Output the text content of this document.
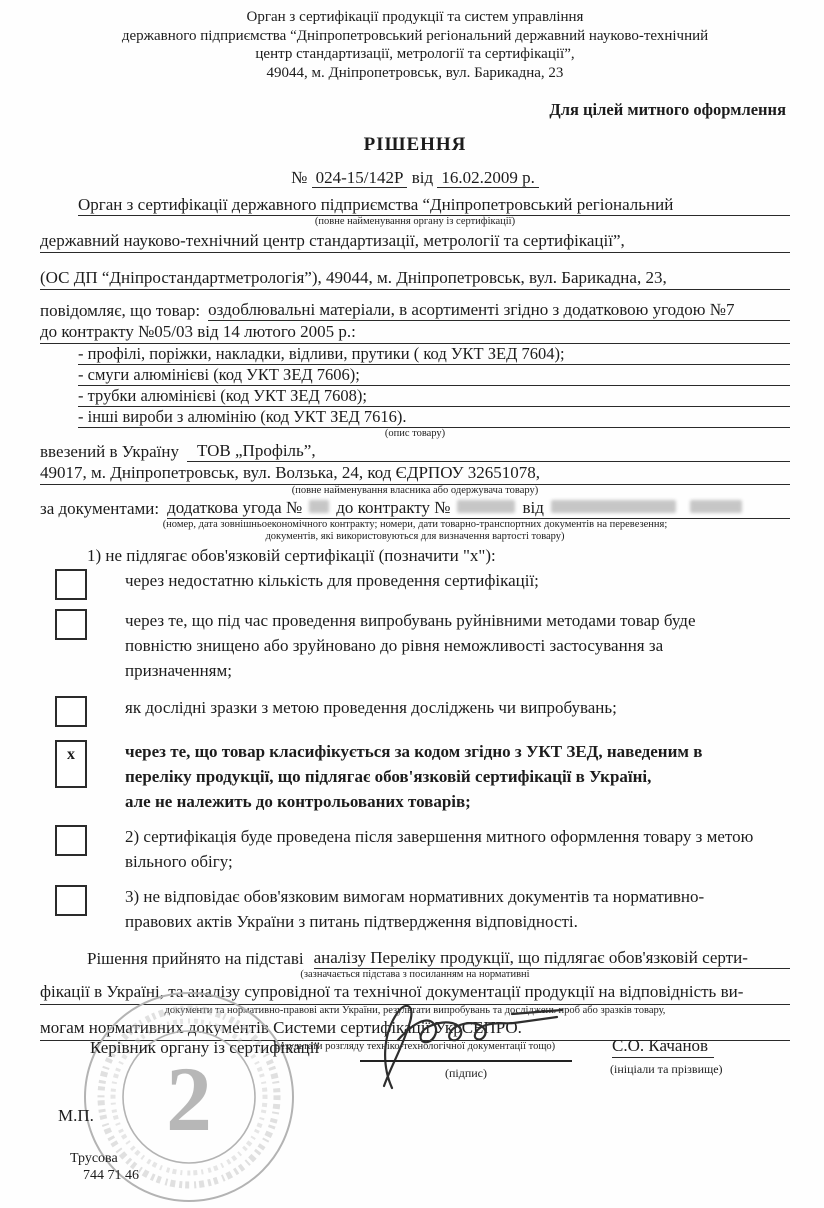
Орган з сертифікації продукції та систем управління
державного підприємства “Дніпропетровський регіональний державний науково-технічний
центр стандартизації, метрології та сертифікації”,
49044, м. Дніпропетровськ, вул. Барикадна, 23
Для цілей митного оформлення
РІШЕННЯ
№ 024-15/142Р від 16.02.2009 р.
Орган з сертифікації державного підприємства “Дніпропетровський регіональний
(повне найменування органу із сертифікації)
державний науково-технічний центр стандартизації, метрології та сертифікації”,
(ОС ДП “Дніпростандартметрологія”), 49044, м. Дніпропетровськ, вул. Барикадна, 23,
повідомляє, що товар: оздоблювальні матеріали, в асортименті згідно з додатковою угодою №7
до контракту №05/03 від 14 лютого 2005 р.:
- профілі, поріжки, накладки, відливи, прутики ( код УКТ ЗЕД 7604);
- смуги алюмінієві (код УКТ ЗЕД 7606);
- трубки алюмінієві (код УКТ ЗЕД 7608);
- інші вироби з алюмінію (код УКТ ЗЕД 7616).
(опис товару)
ввезений в Україну	ТОВ „Профіль”,
49017, м. Дніпропетровськ, вул. Волзька, 24, код ЄДРПОУ 32651078,
(повне найменування власника або одержувача товару)
за документами: додаткова угода № до контракту №	від
(номер, дата зовнішньоекономічного контракту; номери, дати товарно-транспортних документів на перевезення;
документів, які використовуються для визначення вартості товару)
1) не підлягає обов'язковій сертифікації (позначити "х"):
через недостатню кількість для проведення сертифікації;
через те, що під час проведення випробувань руйнівними методами товар буде
повністю знищено або зруйновано до рівня неможливості застосування за
призначенням;
як дослідні зразки з метою проведення досліджень чи випробувань;
x	через те, що товар класифікується за кодом згідно з УКТ ЗЕД, наведеним в
переліку продукції, що підлягає обов'язковій сертифікації в Україні,
але не належить до контрольованих товарів;
2) сертифікація буде проведена після завершення митного оформлення товару з метою
вільного обігу;
3) не відповідає обов'язковим вимогам нормативних документів та нормативно-
правових актів України з питань підтвердження відповідності.
Рішення прийнято на підставі аналізу Переліку продукції, що підлягає обов'язковій серти-
(зазначається підстава з посиланням на нормативні
фікації в Україні, та аналізу супровідної та технічної документації продукції на відповідність ви-
документи та нормативно-правові акти України, результати випробувань та досліджень проб або зразків товару,
могам нормативних документів Системи сертифікації УкрСЕПРО.
результати розгляду техніко-технологічної документації тощо)
2
Керівник органу із сертифікації
(підпис)
С.О. Качанов
(ініціали та прізвище)
М.П.
Трусова
744 71 46
